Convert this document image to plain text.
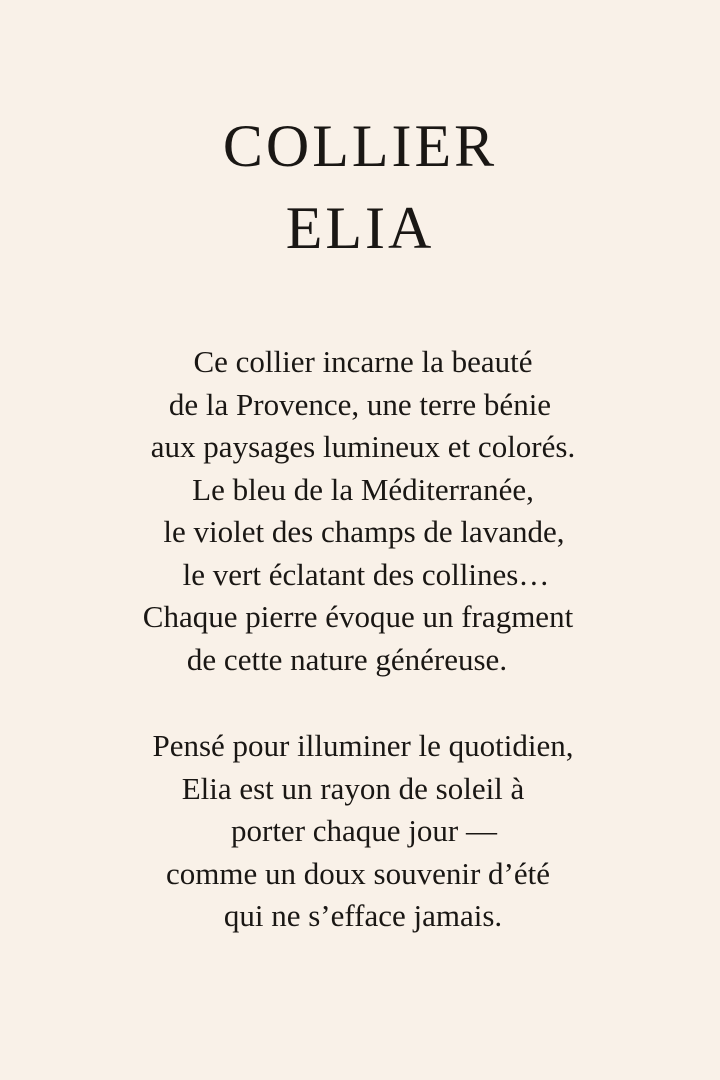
COLLIER
ELIA

Ce collier incarne la beauté
de la Provence, une terre bénie
aux paysages lumineux et colorés.
Le bleu de la Méditerranée,
le violet des champs de lavande,
le vert éclatant des collines…
Chaque pierre évoque un fragment
de cette nature généreuse.

Pensé pour illuminer le quotidien,
Elia est un rayon de soleil à
porter chaque jour —
comme un doux souvenir d’été
qui ne s’efface jamais.
